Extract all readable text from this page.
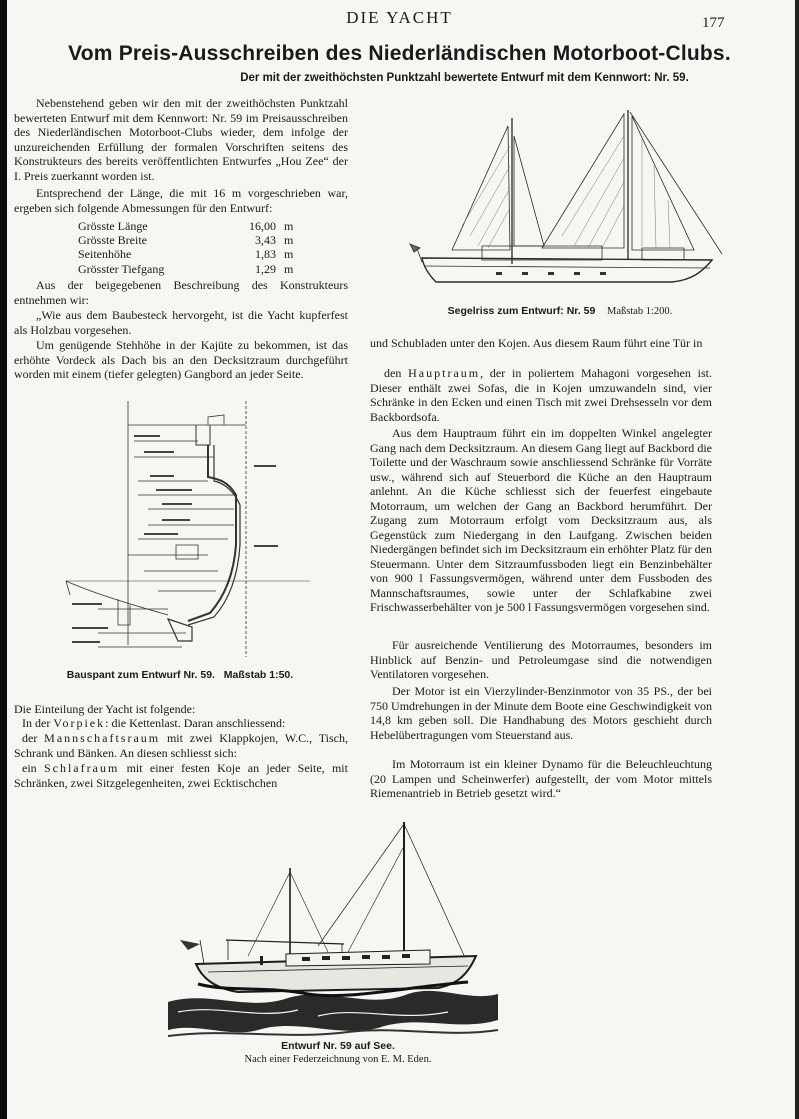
DIE YACHT	177
Vom Preis-Ausschreiben des Niederländischen Motorboot-Clubs.
Der mit der zweithöchsten Punktzahl bewertete Entwurf mit dem Kennwort: Nr. 59.

Nebenstehend geben wir den mit der zweithöchsten Punktzahl bewerteten Entwurf mit dem Kennwort: Nr. 59 im Preisausschreiben des Niederländischen Motorboot-Clubs wieder, dem infolge der unzureichenden Erfüllung der formalen Vorschriften seitens des Konstrukteurs des bereits veröffentlichten Entwurfes „Hou Zee“ der I. Preis zuerkannt worden ist.

Entsprechend der Länge, die mit 16 m vorgeschrieben war, ergeben sich folgende Abmessungen für den Entwurf:

Grösste Länge	16,00	m
Grösste Breite	3,43	m
Seitenhöhe	1,83	m
Grösster Tiefgang	1,29	m

Aus der beigegebenen Beschreibung des Konstrukteurs entnehmen wir:

„Wie aus dem Baubesteck hervorgeht, ist die Yacht kupferfest als Holzbau vorgesehen.

Um genügende Stehhöhe in der Kajüte zu bekommen, ist das erhöhte Vordeck als Dach bis an den Decksitzraum durchgeführt worden mit einem (tiefer gelegten) Gangbord an jeder Seite.

Bauspant zum Entwurf Nr. 59. Maßstab 1:50.

Die Einteilung der Yacht ist folgende:

In der Vorpiek: die Kettenlast. Daran anschliessend:

der Mannschaftsraum mit zwei Klappkojen, W.C., Tisch, Schrank und Bänken. An diesen schliesst sich:

ein Schlafraum mit einer festen Koje an jeder Seite, mit Schränken, zwei Sitzgelegenheiten, zwei Ecktischchen

Segelriss zum Entwurf: Nr. 59 Maßstab 1:200.

und Schubladen unter den Kojen. Aus diesem Raum führt eine Tür in

den Hauptraum, der in poliertem Mahagoni vorgesehen ist. Dieser enthält zwei Sofas, die in Kojen umzuwandeln sind, vier Schränke in den Ecken und einen Tisch mit zwei Drehsesseln vor dem Backbordsofa.

Aus dem Hauptraum führt ein im doppelten Winkel angelegter Gang nach dem Decksitzraum. An diesem Gang liegt auf Backbord die Toilette und der Waschraum sowie anschliessend Schränke für Vorräte usw., während sich auf Steuerbord die Küche an den Hauptraum anlehnt. An die Küche schliesst sich der feuerfest eingebaute Motorraum, um welchen der Gang an Backbord herumführt. Der Zugang zum Motorraum erfolgt vom Decksitzraum aus, als Gegenstück zum Niedergang in den Laufgang. Zwischen beiden Niedergängen befindet sich im Decksitzraum ein erhöhter Platz für den Steuermann. Unter dem Sitzraumfussboden liegt ein Benzinbehälter von 900 l Fassungsvermögen, während unter dem Fussboden des Mannschaftsraumes, sowie unter der Schlafkabine zwei Frischwasserbehälter von je 500 l Fassungsvermögen vorgesehen sind.

Für ausreichende Ventilierung des Motorraumes, besonders im Hinblick auf Benzin- und Petroleumgase sind die notwendigen Ventilatoren vorgesehen.

Der Motor ist ein Vierzylinder-Benzinmotor von 35 PS., der bei 750 Umdrehungen in der Minute dem Boote eine Geschwindigkeit von 14,8 km geben soll. Die Handhabung des Motors geschieht durch Hebelübertragungen vom Steuerstand aus.

Im Motorraum ist ein kleiner Dynamo für die Beleuchleuchtung (20 Lampen und Scheinwerfer) aufgestellt, der vom Motor mittels Riemenantrieb in Betrieb gesetzt wird.“

Entwurf Nr. 59 auf See.
Nach einer Federzeichnung von E. M. Eden.
